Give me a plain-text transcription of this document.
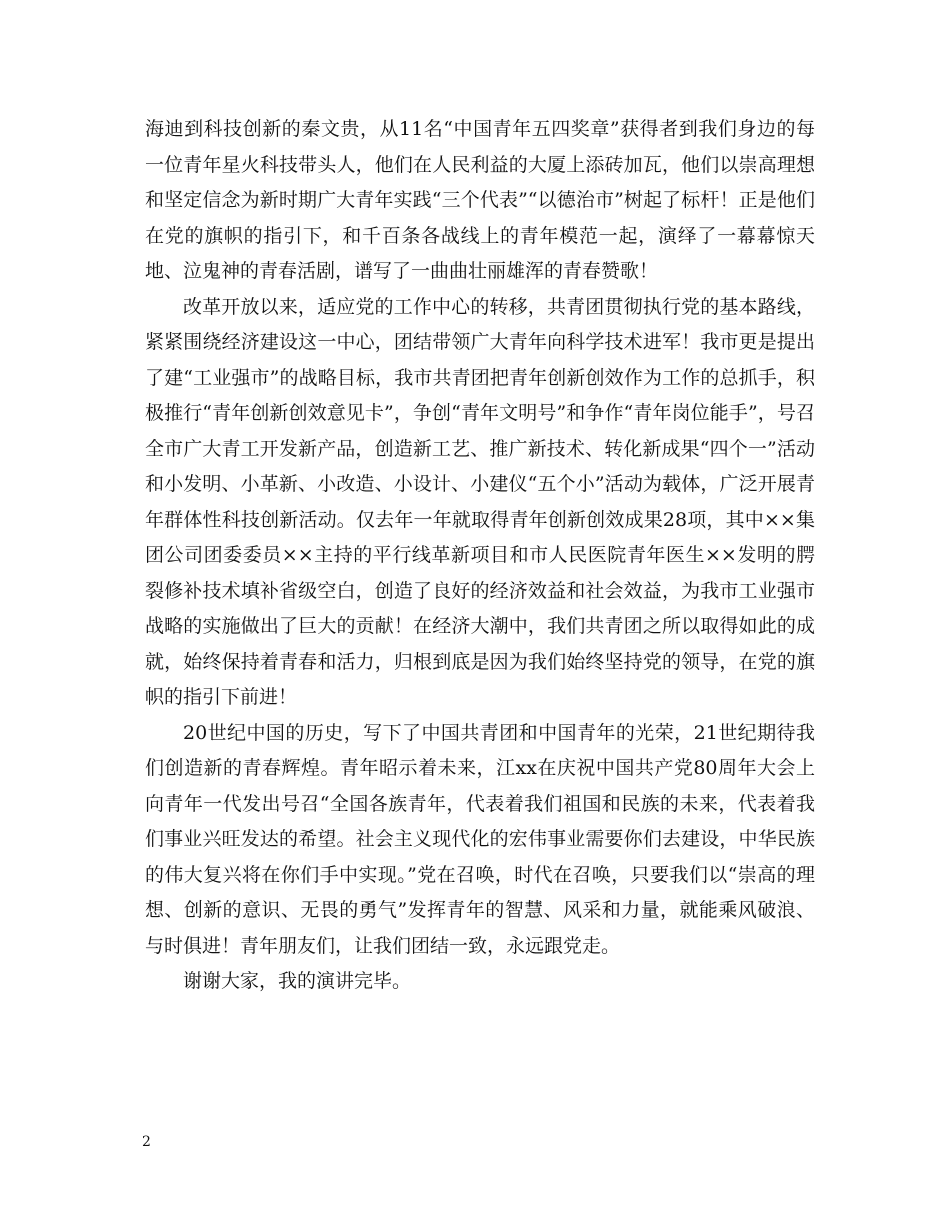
海迪到科技创新的秦文贵，从11名“中国青年五四奖章”获得者到我们身边的每一位青年星火科技带头人，他们在人民利益的大厦上添砖加瓦，他们以崇高理想和坚定信念为新时期广大青年实践“三个代表”“以德治市”树起了标杆！正是他们在党的旗帜的指引下，和千百条各战线上的青年模范一起，演绎了一幕幕惊天地、泣鬼神的青春活剧，谱写了一曲曲壮丽雄浑的青春赞歌！

改革开放以来，适应党的工作中心的转移，共青团贯彻执行党的基本路线，紧紧围绕经济建设这一中心，团结带领广大青年向科学技术进军！我市更是提出了建“工业强市”的战略目标，我市共青团把青年创新创效作为工作的总抓手，积极推行“青年创新创效意见卡”，争创“青年文明号”和争作“青年岗位能手”，号召全市广大青工开发新产品，创造新工艺、推广新技术、转化新成果“四个一”活动和小发明、小革新、小改造、小设计、小建仪“五个小”活动为载体，广泛开展青年群体性科技创新活动。仅去年一年就取得青年创新创效成果28项，其中××集团公司团委委员××主持的平行线革新项目和市人民医院青年医生××发明的腭裂修补技术填补省级空白，创造了良好的经济效益和社会效益，为我市工业强市战略的实施做出了巨大的贡献！在经济大潮中，我们共青团之所以取得如此的成就，始终保持着青春和活力，归根到底是因为我们始终坚持党的领导，在党的旗帜的指引下前进！

20世纪中国的历史，写下了中国共青团和中国青年的光荣，21世纪期待我们创造新的青春辉煌。青年昭示着未来，江xx在庆祝中国共产党80周年大会上向青年一代发出号召“全国各族青年，代表着我们祖国和民族的未来，代表着我们事业兴旺发达的希望。社会主义现代化的宏伟事业需要你们去建设，中华民族的伟大复兴将在你们手中实现。”党在召唤，时代在召唤，只要我们以“崇高的理想、创新的意识、无畏的勇气”发挥青年的智慧、风采和力量，就能乘风破浪、与时俱进！青年朋友们，让我们团结一致，永远跟党走。

谢谢大家，我的演讲完毕。

2
